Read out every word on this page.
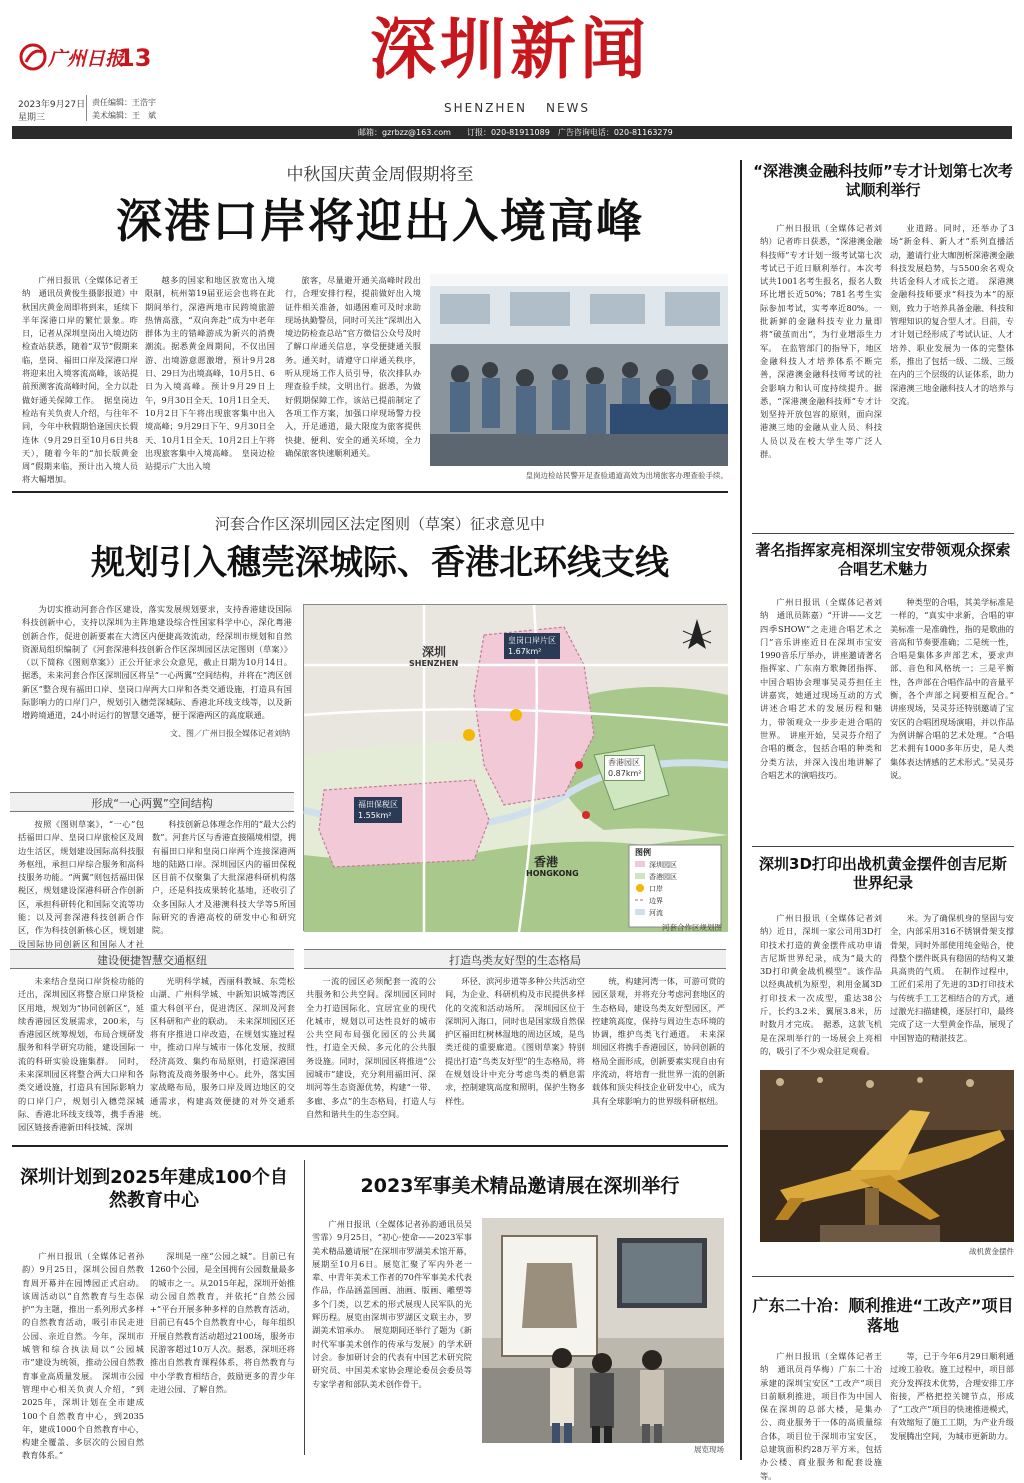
广州日报
13
2023年9月27日
星期三
责任编辑：王浩宇
美术编辑：王　斌
深圳新闻
SHENZHEN NEWS
邮箱：gzrbzz@163.com　　订报：020-81911089　广告咨询电话：020-81163279
中秋国庆黄金周假期将至
深港口岸将迎出入境高峰

广州日报讯（全媒体记者王纳　通讯员黄俊生摄影报道）中秋国庆黄金周即将到来，延续下半年深港口岸的繁忙景象。昨日，记者从深圳皇岗出入境边防检查站获悉，随着“双节”假期来临，皇岗、福田口岸及深港口岸将迎来出入境客流高峰，该站提前预测客流高峰时间，全力以赴做好通关保障工作。　据皇岗边检站有关负责人介绍，与往年不同，今年中秋假期恰逢国庆长假连休（9月29日至10月6日共8天），随着今年的“加长版黄金周”假期来临，预计出入境人员将大幅增加。

越多的国家和地区放宽出入境限制，杭州第19届亚运会也将在此期间举行，深港两地市民跨境旅游热情高涨，“双向奔赴”成为中老年群体为主的错峰游成为新兴的消费潮流。据悉黄金周期间，不仅出国游、出境游意愿激增，预计9月28日、29日为出境高峰，10月5日、6日为入境高峰。预计9月29日上午，9月30日全天、10月1日全天、10月2日下午将出现旅客集中出入境高峰；9月29日下午、9月30日全天、10月1日全天、10月2日上午将出现旅客集中入境高峰。　皇岗边检站提示广大出入境

旅客，尽量避开通关高峰时段出行，合理安排行程，提前做好出入境证件相关准备，如遇困难可及时求助现场执勤警员，同时可关注“深圳出入境边防检查总站”官方微信公众号及时了解口岸通关信息，享受便捷通关服务。通关时，请遵守口岸通关秩序，听从现场工作人员引导，依次排队办理查验手续，文明出行。据悉，为做好假期保障工作，该站已提前制定了各项工作方案，加强口岸现场警力投入，开足通道，最大限度为旅客提供快捷、便利、安全的通关环境，全力确保旅客快速顺利通关。

皇岗边检站民警开足查验通道高效为出境旅客办理查验手续。
河套合作区深圳园区法定图则（草案）征求意见中
规划引入穗莞深城际、香港北环线支线

为切实推动河套合作区建设，落实发展规划要求，支持香港建设国际科技创新中心，支持以深圳为主阵地建设综合性国家科学中心，深化粤港创新合作，促进创新要素在大湾区内便捷高效流动，经深圳市规划和自然资源局组织编制了《河套深港科技创新合作区深圳园区法定图则（草案）》（以下简称《图则草案》）正公开征求公众意见，截止日期为10月14日。据悉，未来河套合作区深圳园区将呈“一心两翼”空间结构，并将在“湾区创新区”整合现有福田口岸、皇岗口岸两大口岸和各类交通设施，打造具有国际影响力的口岸门户，规划引入穗莞深城际、香港北环线支线等，以及新增跨境通道，24小时运行的智慧交通等，便于深港两区的高度联通。

文、图／广州日报全媒体记者刘纳
深圳
SHENZHEN
香港
HONGKONG
皇岗口岸片区
1.67km²
福田保税区
1.55km²
香港园区
0.87km²
图例
深圳园区
香港园区
口岸
边界
河流
河套合作区规划图
形成“一心两翼”空间结构

按照《图则草案》，“一心”包括福田口岸、皇岗口岸旅检区及周边生活区，规划建设国际高科技服务枢纽，承担口岸综合服务和高科技服务功能。“两翼”则包括福田保税区，规划建设深港科研合作创新区，承担科研转化和国际交流等功能；以及河套深港科技创新合作区，作为科技创新核心区，规划建设国际协同创新区和国际人才社

科技创新总体理念作用的“最大公约数”。河套片区与香港直接隔境相望，拥有福田口岸和皇岗口岸两个连接深港两地的陆路口岸。深圳园区内的福田保税区目前不仅聚集了大批深港科研机构落户，还是科技成果转化基地，还收引了众多国际人才及港澳科技大学等5所国际研究的香港高校的研发中心和研究院。

建设便捷智慧交通枢纽

未来结合皇岗口岸货检功能的迁出，深圳园区将整合原口岸货检区用地，规划为“协同创新区”，延续香港园区发展需求，200米，与香港园区统筹规划，布局合规研发服务和科学研究功能，建设国际一流的科研实验设施集群。　同时，未来深圳园区将整合两大口岸和各类交通设施，打造具有国际影响力的口岸门户，规划引入穗莞深城际、香港北环线支线等，携手香港园区链接香港新田科技城、深圳

光明科学城，西丽科教城、东莞松山湖、广州科学城、中新知识城等湾区重大科创平台，促进湾区、深圳及河套区科研和产业的联动。　未来深圳园区还将有序推进口岸改造，在规划实施过程中，推动口岸与城市一体化发展，按照经济高效、集约布局原则，打造深港国际物流及商务服务中心。此外，落实国家战略布局，服务口岸及周边地区的交通需求，构建高效便捷的对外交通系统。

打造鸟类友好型的生态格局

一流的园区必须配套一流的公共服务和公共空间。深圳园区同时全力打造国际化、宜居宜业的现代化城市，规划以可达性良好的城市公共空间布局强化园区的公共属性，打造全天候、多元化的公共服务设施。同时，深圳园区将推进“公园城市”建设，充分利用福田河、深圳河等生态资源优势，构建“一带、多廊、多点”的生态格局，打造人与自然和谐共生的生态空间。

环径、滨河步道等多种公共活动空间，为企业、科研机构及市民提供多样化的交流和活动场所。　深圳园区位于深圳河入海口，同时也是国家级自然保护区福田红树林湿地的周边区域，是鸟类迁徙的重要廊道。《图则草案》特别提出打造“鸟类友好型”的生态格局，将在规划设计中充分考虑鸟类的栖息需求，控制建筑高度和照明，保护生物多样性。

统，构建河湾一体，可游可赏的园区景观，并将充分考虑河套地区的生态格局，建设鸟类友好型园区，严控建筑高度，保持与周边生态环境的协调，维护鸟类飞行通道。　未来深圳园区将携手香港园区，协同创新的格局全面形成，创新要素实现自由有序流动，将培育一批世界一流的创新载体和顶尖科技企业研发中心，成为具有全球影响力的世界级科研枢纽。

深圳计划到2025年建成100个自然教育中心

广州日报讯（全媒体记者孙韵）9月25日，深圳公园自然教育周开幕并在园博园正式启动。该周活动以“自然教育与生态保护”为主题，推出一系列形式多样的自然教育活动，吸引市民走进公园、亲近自然。今年，深圳市城管和综合执法局以“公园城市”建设为统领，推动公园自然教育事业高质量发展。　深圳市公园管理中心相关负责人介绍，“到2025年，深圳计划在全市建成100个自然教育中心，到2035年，建成1000个自然教育中心，构建全覆盖、多层次的公园自然教育体系。”

深圳是一座“公园之城”。目前已有1260个公园，是全国拥有公园数量最多的城市之一。从2015年起，深圳开始推动公园自然教育，并依托“自然公园+”平台开展多种多样的自然教育活动，目前已有45个自然教育中心，每年组织开展自然教育活动超过2100场，服务市民游客超过10万人次。据悉，深圳还将推出自然教育课程体系，将自然教育与中小学教育相结合，鼓励更多的青少年走进公园、了解自然。

2023军事美术精品邀请展在深圳举行

广州日报讯（全媒体记者孙韵通讯员吴雪霏）9月25日，“初心·使命——2023军事美术精品邀请展”在深圳市罗湖美术馆开幕，展期至10月6日。展览汇聚了军内外老一辈、中青年美术工作者的70件军事美术代表作品，作品涵盖国画、油画、版画、雕塑等多个门类，以艺术的形式展现人民军队的光辉历程。展览由深圳市罗湖区文联主办，罗湖美术馆承办。　展览期间还举行了题为《新时代军事美术创作的传承与发展》的学术研讨会。参加研讨会的代表有中国艺术研究院研究员、中国美术家协会理论委员会委员等专家学者和部队美术创作骨干。

展览现场
“深港澳金融科技师”专才计划第七次考试顺利举行

广州日报讯（全媒体记者刘纳）记者昨日获悉，“深港澳金融科技师”专才计划一级考试第七次考试已于近日顺利举行。本次考试共1001名考生报名，报名人数环比增长近50%；781名考生实际参加考试，实考率近80%。一批新鲜的金融科技专业力量即将“破茧而出”，为行业增添生力军。　在监管部门的指导下，地区金融科技人才培养体系不断完善，深港澳金融科技师考试的社会影响力和认可度持续提升。据悉，“深港澳金融科技师”专才计划坚持开放包容的原则，面向深港澳三地的金融从业人员、科技人员以及在校大学生等广泛人群。

业道路。同时，还举办了3场“新金科、新人才”系列直播活动，邀请行业大咖剖析深港澳金融科技发展趋势，与5500余名观众共话金科人才成长之道。　深港澳金融科技师要求“科技为本”的原则，致力于培养具备金融、科技和管理知识的复合型人才。目前，专才计划已经形成了考试认证、人才培养、职业发展为一体的完整体系，推出了包括一级、二级、三级在内的三个层级的认证体系，助力深港澳三地金融科技人才的培养与交流。

著名指挥家亮相深圳宝安带领观众探索合唱艺术魅力

广州日报讯（全媒体记者刘纳　通讯员陈嘉）“开讲——文艺四季SHOW”之走进合唱艺术之门”音乐讲座近日在深圳市宝安1990音乐厅举办，讲座邀请著名指挥家、广东南方歌舞团指挥、中国合唱协会理事吴灵芬担任主讲嘉宾，她通过现场互动的方式讲述合唱艺术的发展历程和魅力，带领观众一步步走进合唱的世界。　讲座开始，吴灵芬介绍了合唱的概念，包括合唱的种类和分类方法，并深入浅出地讲解了合唱艺术的演唱技巧。

种类型的合唱，其美学标准是一样的，“真实中求新，合唱的审美标准一是准确性，指的是歌曲的音高和节奏要准确；二是统一性，合唱是集体多声部艺术，要求声部、音色和风格统一；三是平衡性，各声部在合唱作品中的音量平衡，各个声部之间要相互配合。”　讲座现场，吴灵芬还特别邀请了宝安区的合唱团现场演唱，并以作品为例讲解合唱的艺术处理。“合唱艺术拥有1000多年历史，是人类集体表达情感的艺术形式。”吴灵芬说。

深圳3D打印出战机黄金摆件创吉尼斯世界纪录

广州日报讯（全媒体记者刘纳）近日，深圳一家公司用3D打印技术打造的黄金摆件成功申请吉尼斯世界纪录，成为“最大的3D打印黄金战机模型”。该作品以经典战机为原型，利用金属3D打印技术一次成型，重达38公斤，长约3.2米、翼展3.8米，历时数月才完成。　据悉，这款飞机是在深圳举行的一场展会上亮相的，吸引了不少观众驻足观看。

米。为了确保机身的坚固与安全，内部采用316不锈钢骨架支撑骨架，同时外部使用纯金贴合，使得整个摆件既具有稳固的结构又兼具高贵的气质。　在制作过程中，工匠们采用了先进的3D打印技术与传统手工工艺相结合的方式，通过激光扫描建模，逐层打印，最终完成了这一大型黄金作品，展现了中国智造的精湛技艺。

战机黄金摆件
广东二十冶：顺利推进“工改产”项目落地

广州日报讯（全媒体记者王纳　通讯员肖华梅）广东二十冶承建的深圳宝安区“工改产”项目日前顺利推进，项目作为中国人保在深圳的总部大楼，是集办公、商业服务于一体的高质量综合体，项目位于深圳市宝安区，总建筑面积约28万平方米，包括办公楼、商业服务和配套设施等。

等，已于今年6月29日顺利通过竣工验收。施工过程中，项目部充分发挥技术优势，合理安排工序衔接，严格把控关键节点，形成了“工改产”项目的快速推进模式，有效缩短了施工工期，为产业升级发展腾出空间，为城市更新助力。
